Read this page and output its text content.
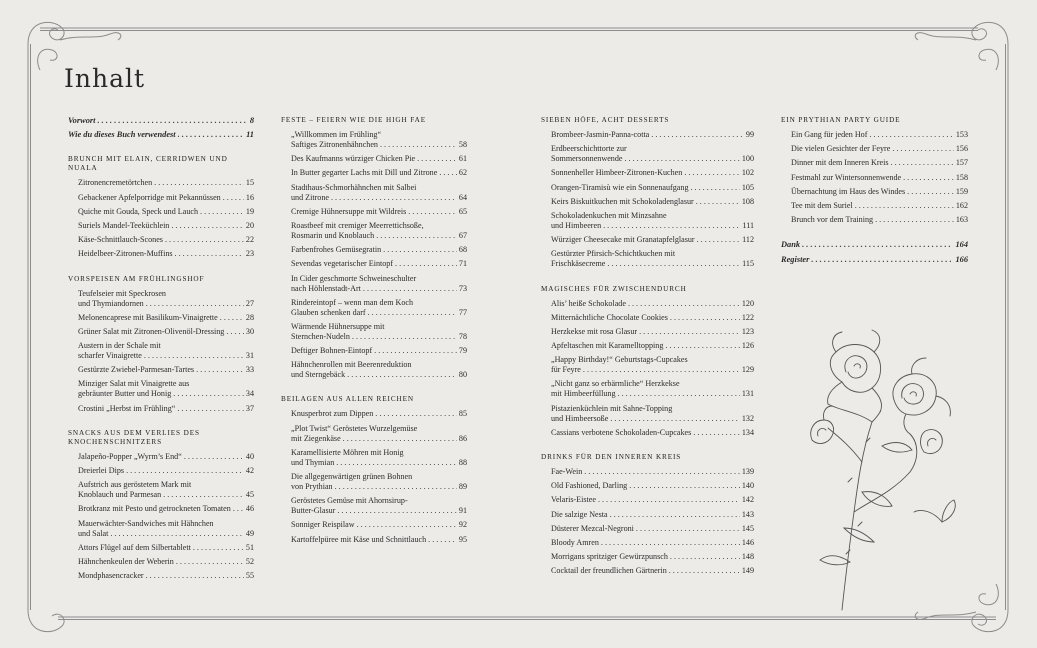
Inhalt
Vorwort . . .	8
Wie du dieses Buch verwendest . . .	11
BRUNCH MIT ELAIN, CERRIDWEN UND NUALA
Zitronencremetörtchen . . .	15
Gebackener Apfelporridge mit Pekannüssen . . .	16
Quiche mit Gouda, Speck und Lauch . . .	19
Suriels Mandel-Teeküchlein . . .	20
Käse-Schnittlauch-Scones . . .	22
Heidelbeer-Zitronen-Muffins . . .	23
VORSPEISEN AM FRÜHLINGSHOF
Teufelseier mit Speckrosen
und Thymiandornen . . .	27
Melonencaprese mit Basilikum-Vinaigrette . . .	28
Grüner Salat mit Zitronen-Olivenöl-Dressing . . .	30
Austern in der Schale mit
scharfer Vinaigrette . . .	31
Gestürzte Zwiebel-Parmesan-Tartes . . .	33
Minziger Salat mit Vinaigrette aus
gebräunter Butter und Honig . . .	34
Crostini „Herbst im Frühling“ . . .	37
SNACKS AUS DEM VERLIES DES KNOCHENSCHNITZERS
Jalapeño-Popper „Wyrm’s End“ . . .	40
Dreierlei Dips . . .	42
Aufstrich aus geröstetem Mark mit
Knoblauch und Parmesan . . .	45
Brotkranz mit Pesto und getrockneten Tomaten . . . 46
Mauerwächter-Sandwiches mit Hähnchen
und Salat . . .	49
Attors Flügel auf dem Silbertablett . . .	51
Hähnchenkeulen der Weberin . . .	52
Mondphasencracker . . .	55
FESTE – FEIERN WIE DIE HIGH FAE
„Willkommen im Frühling“
Saftiges Zitronenhähnchen . . .	58
Des Kaufmanns würziger Chicken Pie . . .	61
In Butter gegarter Lachs mit Dill und Zitrone . . .	62
Stadthaus-Schmorhähnchen mit Salbei
und Zitrone . . .	64
Cremige Hühnersuppe mit Wildreis . . .	65
Roastbeef mit cremiger Meerrettichsoße,
Rosmarin und Knoblauch . . .	67
Farbenfrohes Gemüsegratin . . .	68
Sevendas vegetarischer Eintopf . . .	71
In Cider geschmorte Schweineschulter
nach Höhlenstadt-Art . . .	73
Rindereintopf – wenn man dem Koch
Glauben schenken darf . . .	77
Wärmende Hühnersuppe mit
Sternchen-Nudeln . . .	78
Deftiger Bohnen-Eintopf . . .	79
Hähnchenrollen mit Beerenreduktion
und Sterngebäck . . .	80
BEILAGEN AUS ALLEN REICHEN
Knusperbrot zum Dippen . . .	85
„Plot Twist“ Geröstetes Wurzelgemüse
mit Ziegenkäse . . .	86
Karamellisierte Möhren mit Honig
und Thymian . . .	88
Die allgegenwärtigen grünen Bohnen
von Prythian . . .	89
Geröstetes Gemüse mit Ahornsirup-
Butter-Glasur . . .	91
Sonniger Reispilaw . . .	92
Kartoffelpüree mit Käse und Schnittlauch . . .	95
SIEBEN HÖFE, ACHT DESSERTS
Brombeer-Jasmin-Panna-cotta . . .	99
Erdbeerschichttorte zur
Sommersonnenwende . . .	100
Sonnenheller Himbeer-Zitronen-Kuchen . . .	102
Orangen-Tiramisù wie ein Sonnenaufgang . . .	105
Keirs Biskuitkuchen mit Schokoladenglasur . . .	108
Schokoladenkuchen mit Minzsahne
und Himbeeren . . .	111
Würziger Cheesecake mit Granatapfelglasur . . .	112
Gestürzter Pfirsich-Schichtkuchen mit
Frischkäsecreme . . .	115
MAGISCHES FÜR ZWISCHENDURCH
Alis’ heiße Schokolade . . .	120
Mitternächtliche Chocolate Cookies . . .	122
Herzkekse mit rosa Glasur . . .	123
Apfeltaschen mit Karamelltopping . . .	126
„Happy Birthday!“ Geburtstags-Cupcakes
für Feyre . . .	129
„Nicht ganz so erbärmliche“ Herzkekse
mit Himbeerfüllung . . .	131
Pistazienküchlein mit Sahne-Topping
und Himbeersoße . . .	132
Cassians verbotene Schokoladen-Cupcakes . . .	134
DRINKS FÜR DEN INNEREN KREIS
Fae-Wein . . .	139
Old Fashioned, Darling . . .	140
Velaris-Eistee . . .	142
Die salzige Nesta . . .	143
Düsterer Mezcal-Negroni . . .	145
Bloody Amren . . .	146
Morrigans spritziger Gewürzpunsch . . .	148
Cocktail der freundlichen Gärtnerin . . .	149
EIN PRYTHIAN PARTY GUIDE
Ein Gang für jeden Hof . . .	153
Die vielen Gesichter der Feyre . . .	156
Dinner mit dem Inneren Kreis . . .	157
Festmahl zur Wintersonnenwende . . .	158
Übernachtung im Haus des Windes . . .	159
Tee mit dem Suriel . . .	162
Brunch vor dem Training . . .	163
Dank . . .	164
Register . . .	166
